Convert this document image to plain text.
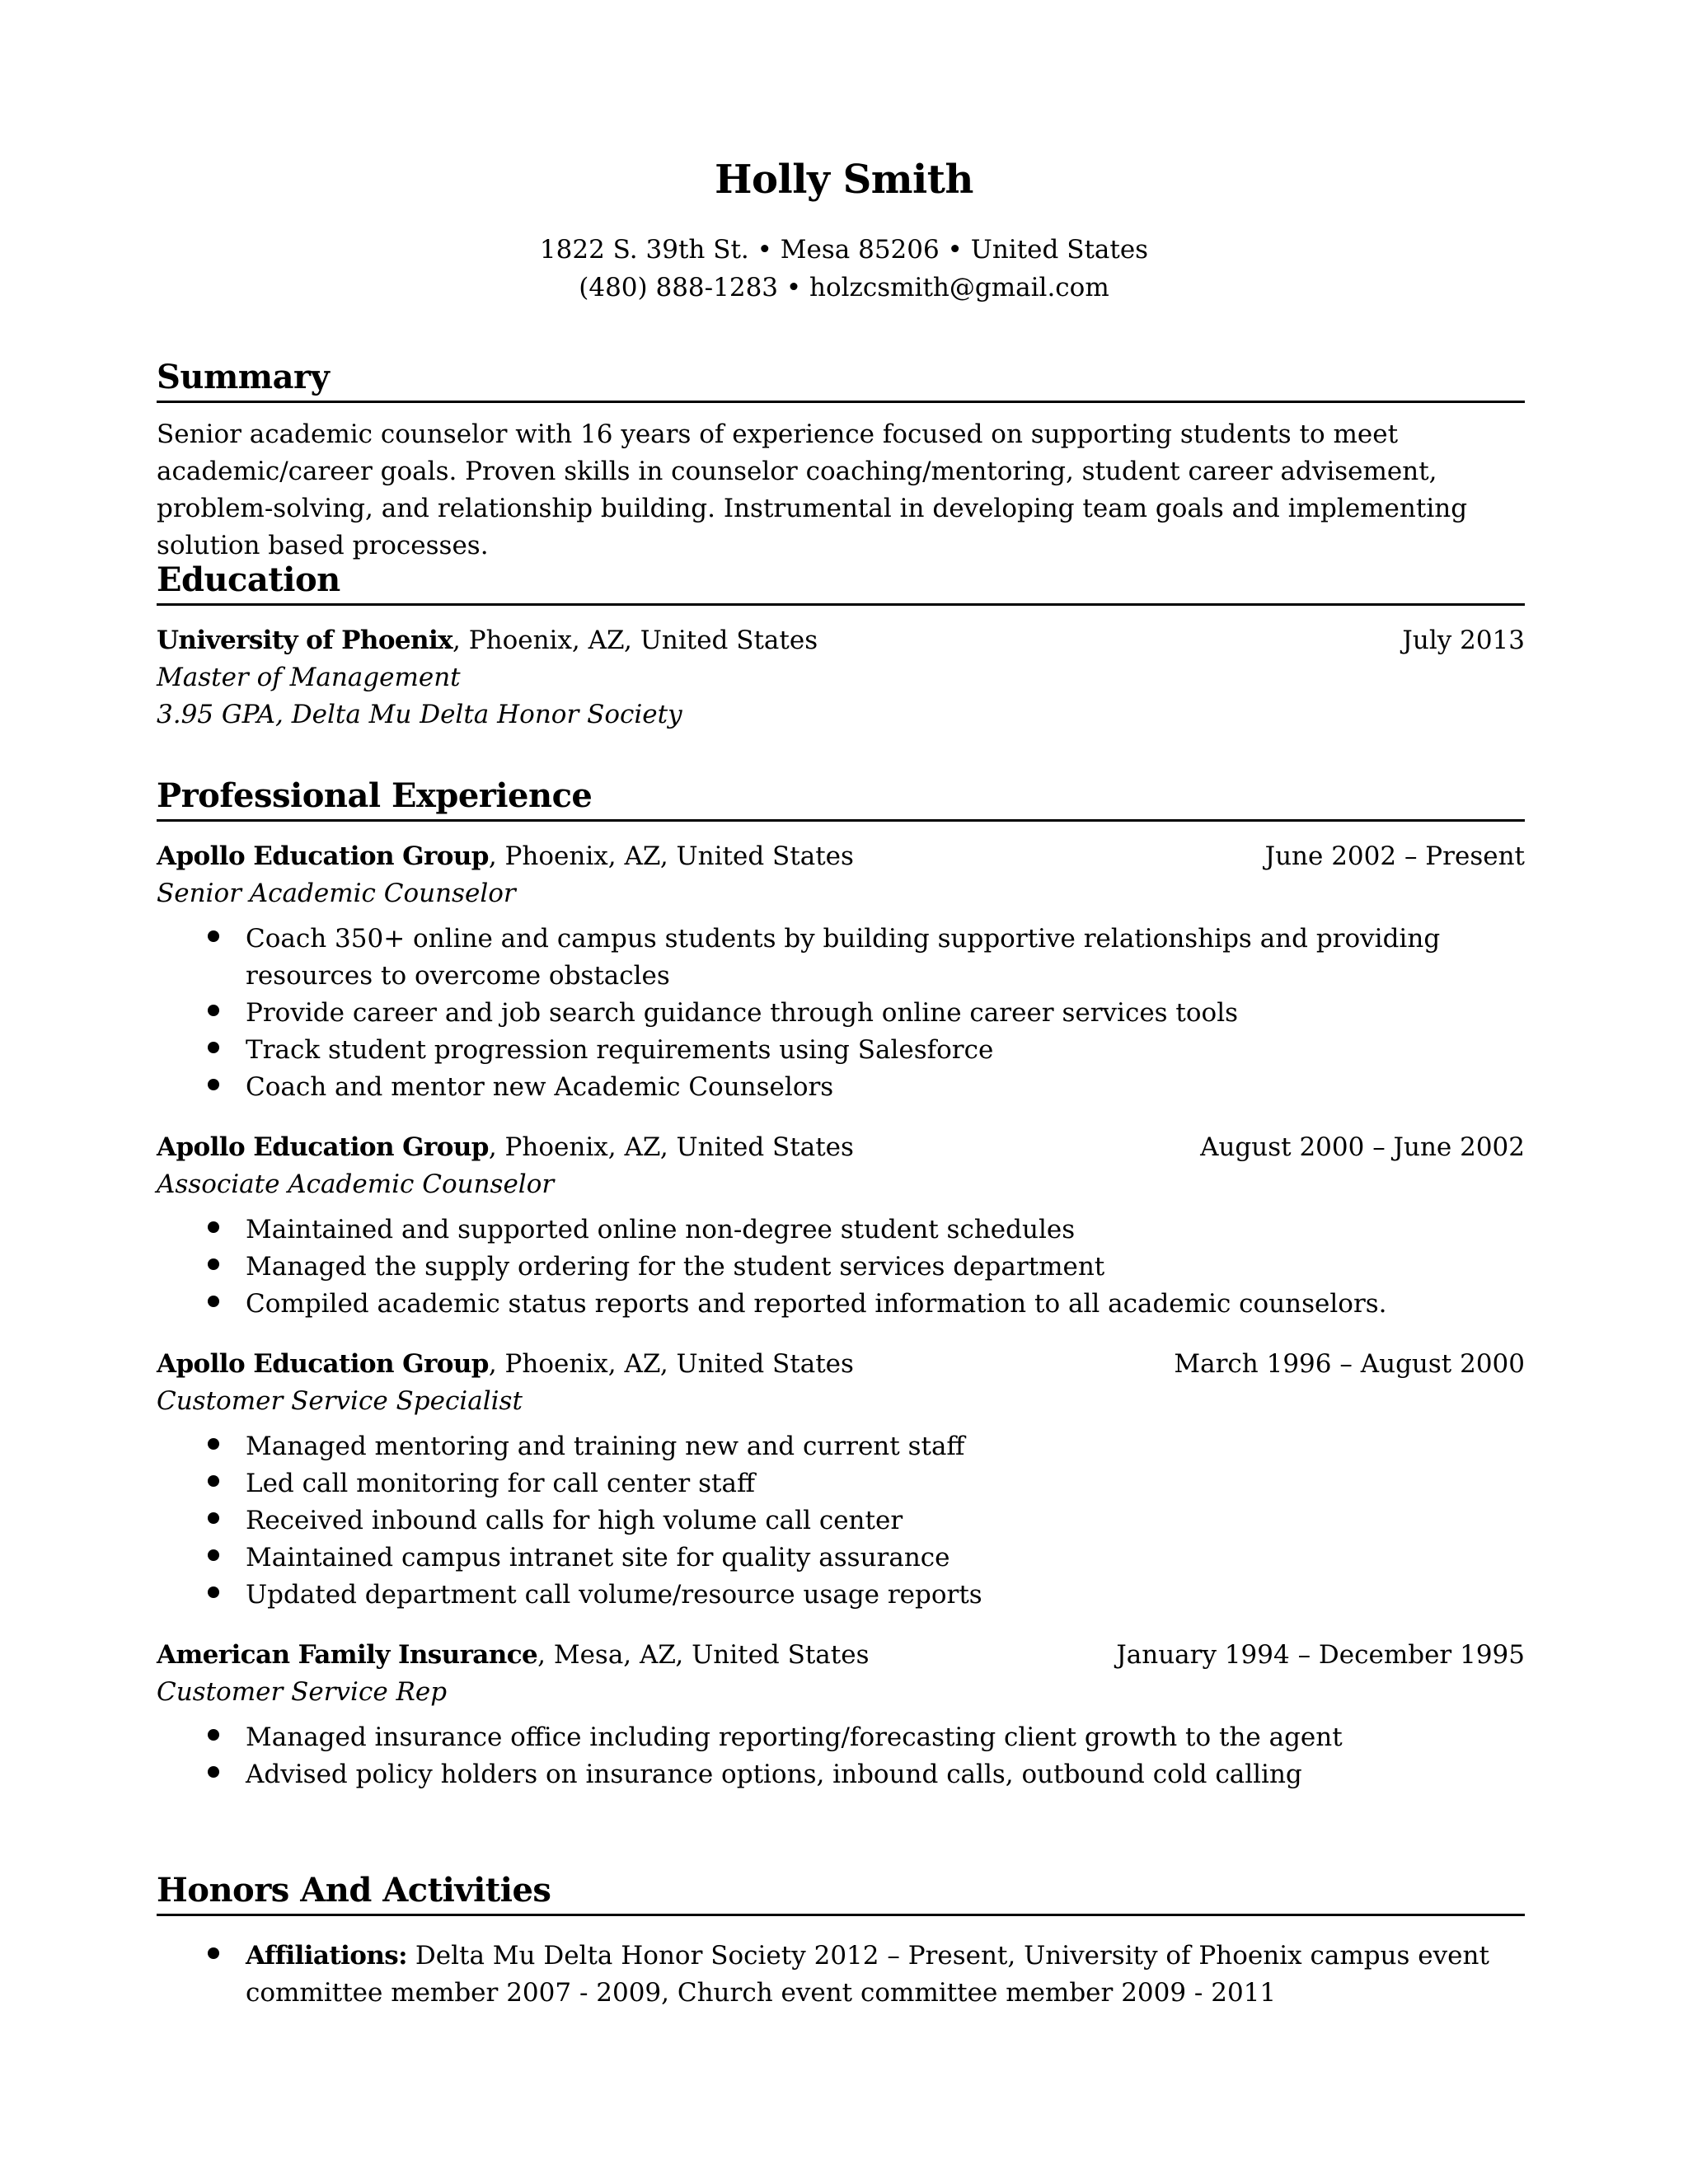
Holly Smith
1822 S. 39th St. • Mesa 85206 • United States
(480) 888-1283 • holzcsmith@gmail.com
Summary
Senior academic counselor with 16 years of experience focused on supporting students to meet academic/career goals. Proven skills in counselor coaching/mentoring, student career advisement, problem-solving, and relationship building. Instrumental in developing team goals and implementing solution based processes.
Education
University of Phoenix, Phoenix, AZ, United States	July 2013
Master of Management
3.95 GPA, Delta Mu Delta Honor Society
Professional Experience
Apollo Education Group, Phoenix, AZ, United States	June 2002 – Present
Senior Academic Counselor
Coach 350+ online and campus students by building supportive relationships and providing resources to overcome obstacles
Provide career and job search guidance through online career services tools
Track student progression requirements using Salesforce
Coach and mentor new Academic Counselors
Apollo Education Group, Phoenix, AZ, United States	August 2000 – June 2002
Associate Academic Counselor
Maintained and supported online non-degree student schedules
Managed the supply ordering for the student services department
Compiled academic status reports and reported information to all academic counselors.
Apollo Education Group, Phoenix, AZ, United States	March 1996 – August 2000
Customer Service Specialist
Managed mentoring and training new and current staff
Led call monitoring for call center staff
Received inbound calls for high volume call center
Maintained campus intranet site for quality assurance
Updated department call volume/resource usage reports
American Family Insurance, Mesa, AZ, United States	January 1994 – December 1995
Customer Service Rep
Managed insurance office including reporting/forecasting client growth to the agent
Advised policy holders on insurance options, inbound calls, outbound cold calling
Honors And Activities
Affiliations: Delta Mu Delta Honor Society 2012 – Present, University of Phoenix campus event committee member 2007 - 2009, Church event committee member 2009 - 2011
